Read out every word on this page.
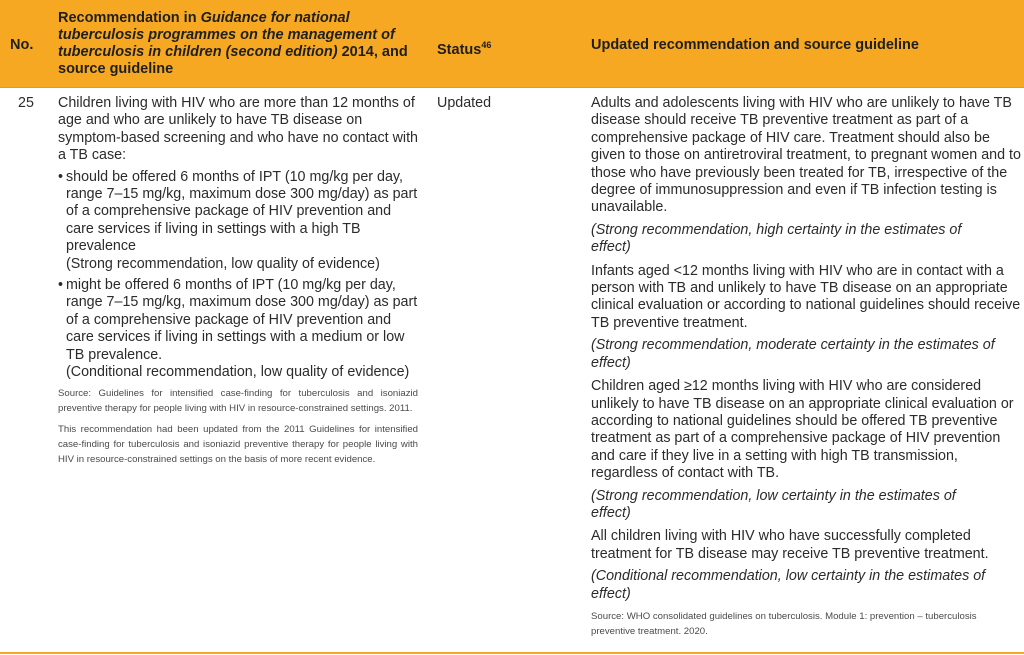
No.
Recommendation in Guidance for national tuberculosis programmes on the management of tuberculosis in children (second edition) 2014, and source guideline
Status$^{46}$	Updated recommendation and source guideline
25 Children living with HIV who are more than 12 months of age and who are unlikely to have TB disease on symptom-based screening and who have no contact with a TB case:

• should be offered 6 months of IPT (10 mg/kg per day, range 7–15 mg/kg, maximum dose 300 mg/day) as part of a comprehensive package of HIV prevention and care services if living in settings with a high TB prevalence
(Strong recommendation, low quality of evidence)
• might be offered 6 months of IPT (10 mg/kg per day, range 7–15 mg/kg, maximum dose 300 mg/day) as part of a comprehensive package of HIV prevention and care services if living in settings with a medium or low TB prevalence.
(Conditional recommendation, low quality of evidence)

Source: Guidelines for intensified case-finding for tuberculosis and isoniazid preventive therapy for people living with HIV in resource-constrained settings. 2011.

This recommendation had been updated from the 2011 Guidelines for intensified case-finding for tuberculosis and isoniazid preventive therapy for people living with HIV in resource-constrained settings on the basis of more recent evidence.

Updated	Adults and adolescents living with HIV who are unlikely to have TB disease should receive TB preventive treatment as part of a comprehensive package of HIV care. Treatment should also be given to those on antiretroviral treatment, to pregnant women and to those who have previously been treated for TB, irrespective of the degree of immunosuppression and even if TB infection testing is unavailable.

(Strong recommendation, high certainty in the estimates of effect)

Infants aged <12 months living with HIV who are in contact with a person with TB and unlikely to have TB disease on an appropriate clinical evaluation or according to national guidelines should receive TB preventive treatment.

(Strong recommendation, moderate certainty in the estimates of effect)

Children aged ≥12 months living with HIV who are considered unlikely to have TB disease on an appropriate clinical evaluation or according to national guidelines should be offered TB preventive treatment as part of a comprehensive package of HIV prevention and care if they live in a setting with high TB transmission, regardless of contact with TB.

(Strong recommendation, low certainty in the estimates of effect)

All children living with HIV who have successfully completed treatment for TB disease may receive TB preventive treatment.

(Conditional recommendation, low certainty in the estimates of effect)

Source: WHO consolidated guidelines on tuberculosis. Module 1: prevention – tuberculosis preventive treatment. 2020.
